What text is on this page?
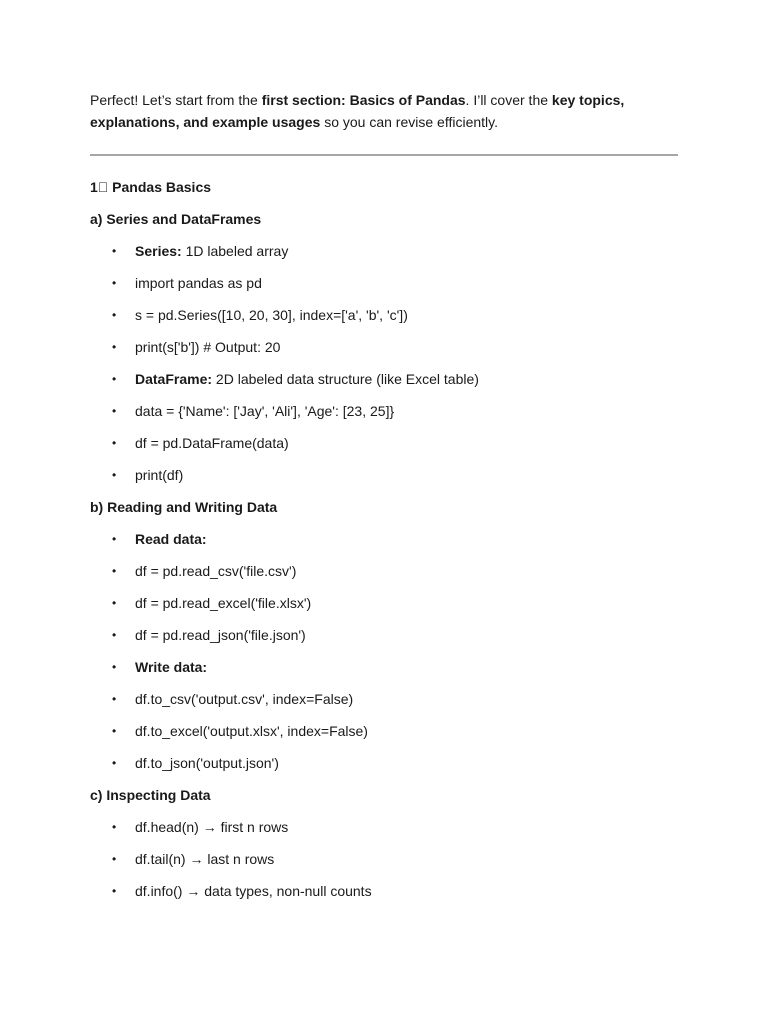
Perfect! Let’s start from the first section: Basics of Pandas. I’ll cover the key topics, explanations, and example usages so you can revise efficiently.

1⃣ Pandas Basics

a) Series and DataFrames

• Series: 1D labeled array
• import pandas as pd
• s = pd.Series([10, 20, 30], index=['a', 'b', 'c'])
• print(s['b']) # Output: 20
• DataFrame: 2D labeled data structure (like Excel table)
• data = {'Name': ['Jay', 'Ali'], 'Age': [23, 25]}
• df = pd.DataFrame(data)
• print(df)

b) Reading and Writing Data

• Read data:
• df = pd.read_csv('file.csv')
• df = pd.read_excel('file.xlsx')
• df = pd.read_json('file.json')
• Write data:
• df.to_csv('output.csv', index=False)
• df.to_excel('output.xlsx', index=False)
• df.to_json('output.json')

c) Inspecting Data

• df.head(n) → first n rows
• df.tail(n) → last n rows
• df.info() → data types, non-null counts
